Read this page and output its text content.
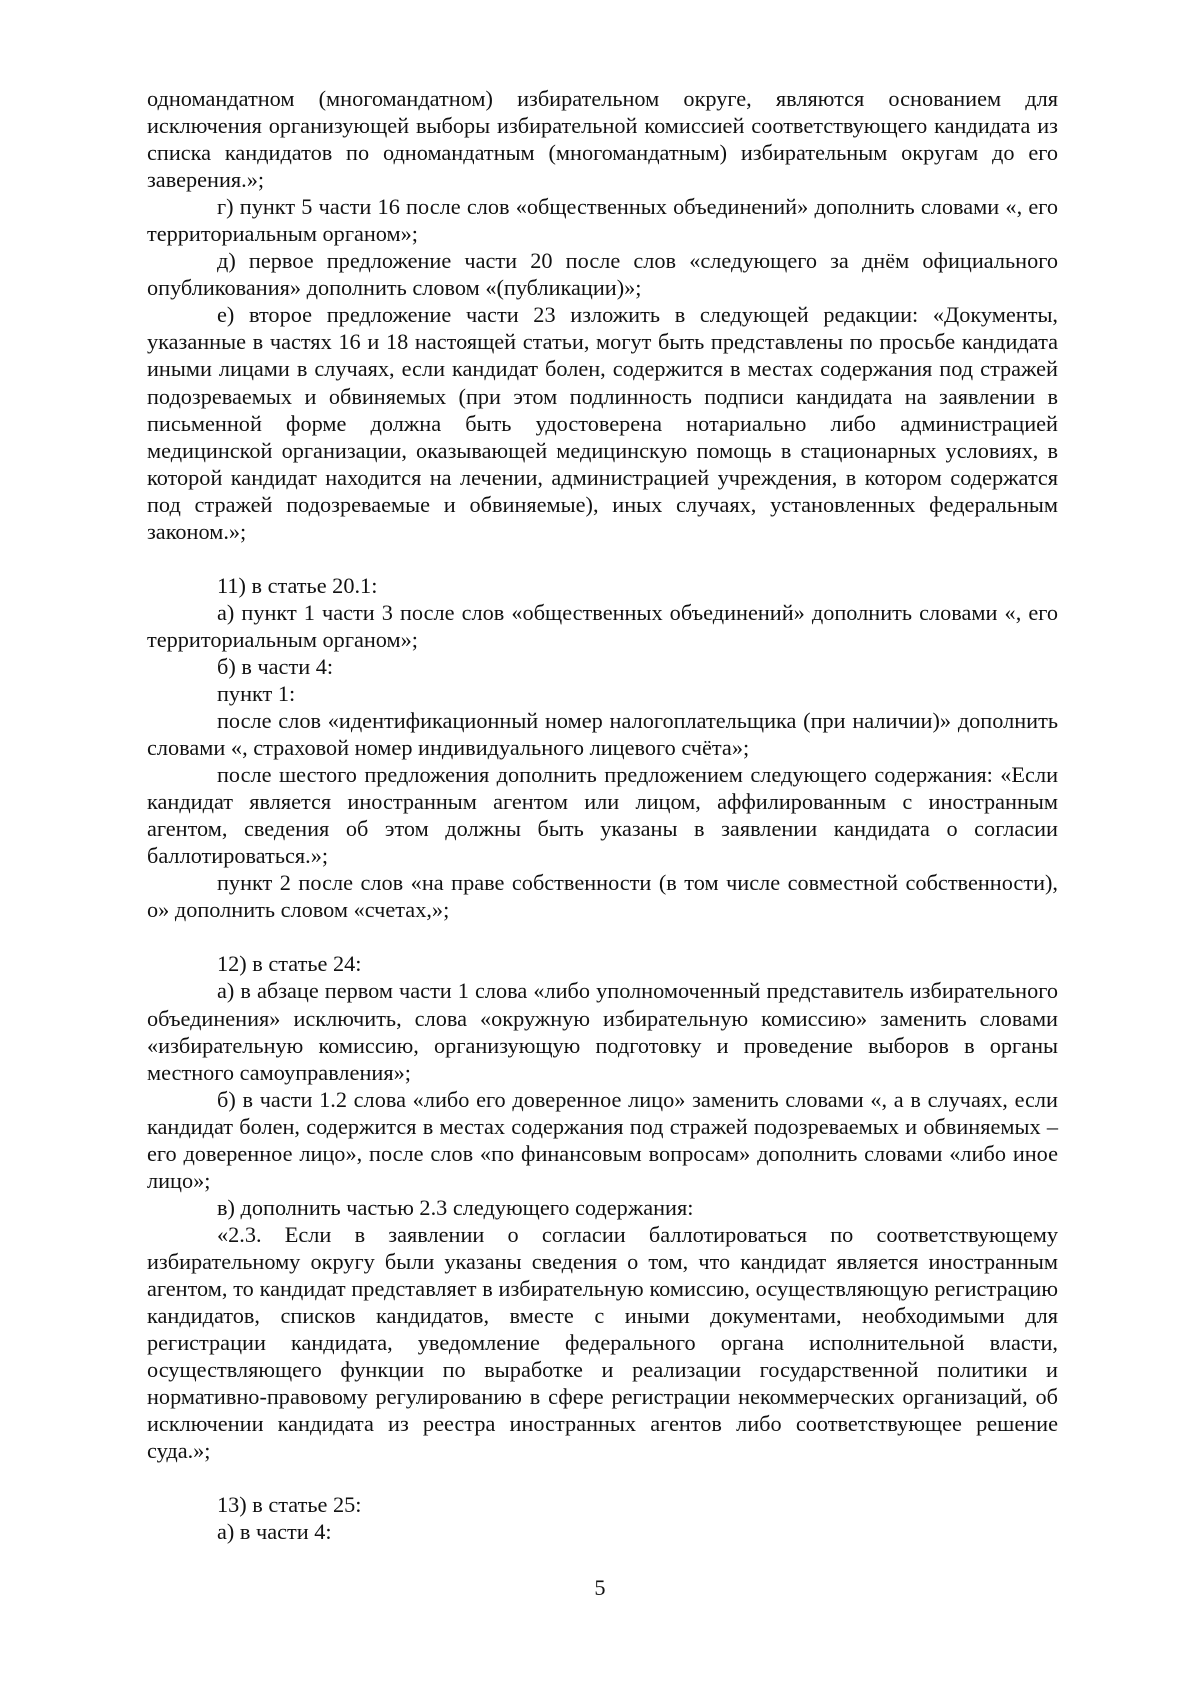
одномандатном (многомандатном) избирательном округе, являются основанием для исключения организующей выборы избирательной комиссией соответствующего кандидата из списка кандидатов по одномандатным (многомандатным) избирательным округам до его заверения.»;

г) пункт 5 части 16 после слов «общественных объединений» дополнить словами «, его территориальным органом»;

д) первое предложение части 20 после слов «следующего за днём официального опубликования» дополнить словом «(публикации)»;

е) второе предложение части 23 изложить в следующей редакции: «Документы, указанные в частях 16 и 18 настоящей статьи, могут быть представлены по просьбе кандидата иными лицами в случаях, если кандидат болен, содержится в местах содержания под стражей подозреваемых и обвиняемых (при этом подлинность подписи кандидата на заявлении в письменной форме должна быть удостоверена нотариально либо администрацией медицинской организации, оказывающей медицинскую помощь в стационарных условиях, в которой кандидат находится на лечении, администрацией учреждения, в котором содержатся под стражей подозреваемые и обвиняемые), иных случаях, установленных федеральным законом.»;

11) в статье 20.1:

а) пункт 1 части 3 после слов «общественных объединений» дополнить словами «, его территориальным органом»;

б) в части 4:

пункт 1:

после слов «идентификационный номер налогоплательщика (при наличии)» дополнить словами «, страховой номер индивидуального лицевого счёта»;

после шестого предложения дополнить предложением следующего содержания: «Если кандидат является иностранным агентом или лицом, аффилированным с иностранным агентом, сведения об этом должны быть указаны в заявлении кандидата о согласии баллотироваться.»;

пункт 2 после слов «на праве собственности (в том числе совместной собственности), о» дополнить словом «счетах,»;

12) в статье 24:

а) в абзаце первом части 1 слова «либо уполномоченный представитель избирательного объединения» исключить, слова «окружную избирательную комиссию» заменить словами «избирательную комиссию, организующую подготовку и проведение выборов в органы местного самоуправления»;

б) в части 1.2 слова «либо его доверенное лицо» заменить словами «, а в случаях, если кандидат болен, содержится в местах содержания под стражей подозреваемых и обвиняемых – его доверенное лицо», после слов «по финансовым вопросам» дополнить словами «либо иное лицо»;

в) дополнить частью 2.3 следующего содержания:

«2.3. Если в заявлении о согласии баллотироваться по соответствующему избирательному округу были указаны сведения о том, что кандидат является иностранным агентом, то кандидат представляет в избирательную комиссию, осуществляющую регистрацию кандидатов, списков кандидатов, вместе с иными документами, необходимыми для регистрации кандидата, уведомление федерального органа исполнительной власти, осуществляющего функции по выработке и реализации государственной политики и нормативно-правовому регулированию в сфере регистрации некоммерческих организаций, об исключении кандидата из реестра иностранных агентов либо соответствующее решение суда.»;

13) в статье 25:

а) в части 4:

5
